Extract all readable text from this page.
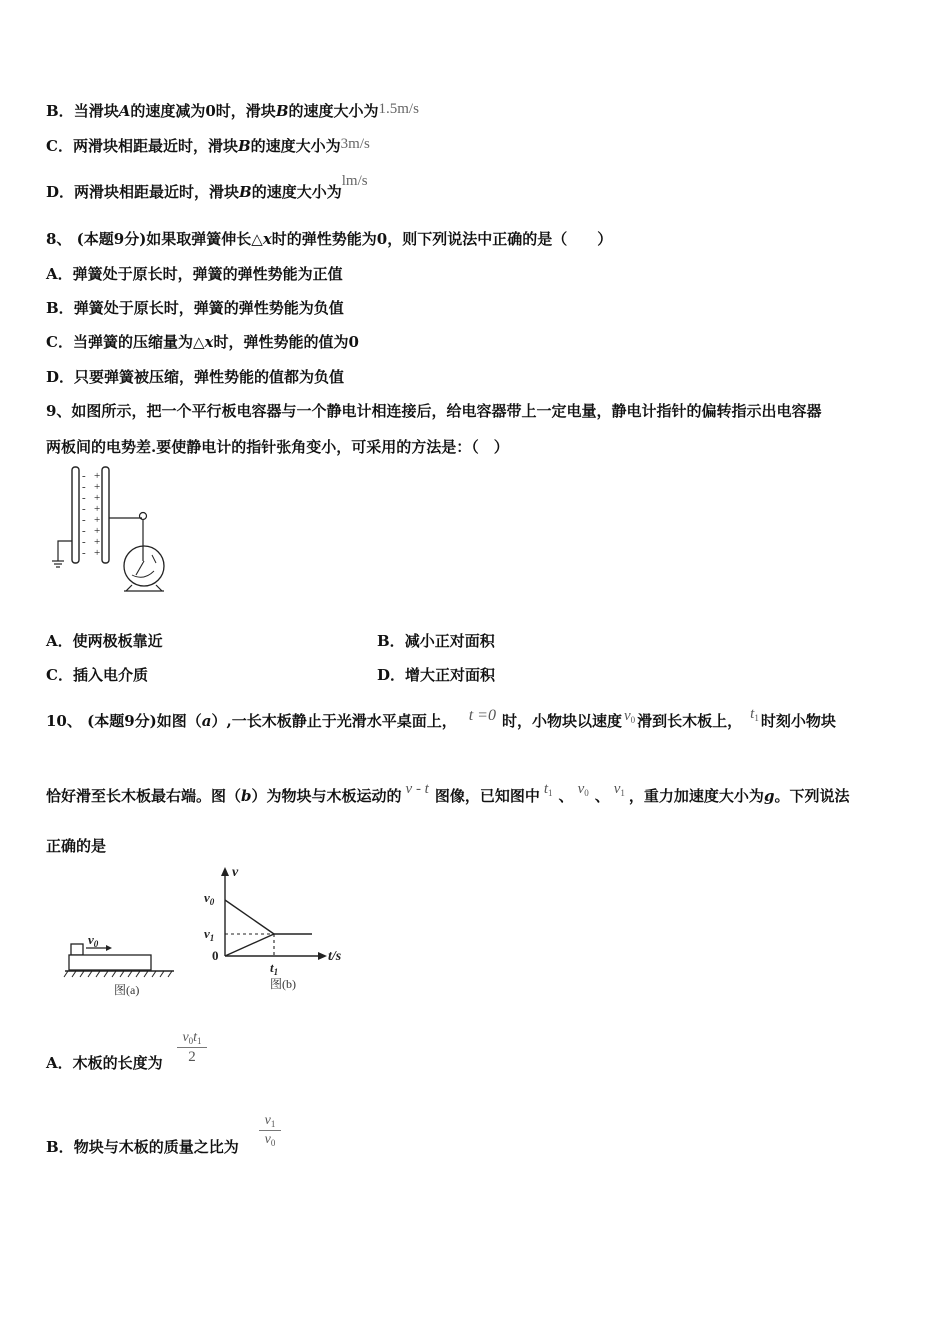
B．当滑块A的速度减为0时，滑块B的速度大小为1.5m/s
C．两滑块相距最近时，滑块B的速度大小为3m/s
D．两滑块相距最近时，滑块B的速度大小为lm/s
8、 (本题9分)如果取弹簧伸长△x时的弹性势能为0，则下列说法中正确的是（　　）
A．弹簧处于原长时，弹簧的弹性势能为正值
B．弹簧处于原长时，弹簧的弹性势能为负值
C．当弹簧的压缩量为△x时，弹性势能的值为0
D．只要弹簧被压缩，弹性势能的值都为负值
9、如图所示，把一个平行板电容器与一个静电计相连接后，给电容器带上一定电量，静电计指针的偏转指示出电容器
两板间的电势差.要使静电计的指针张角变小，可采用的方法是：（　）
-
-
-
-
-
-
-
-
+
+
+
+
+
+
+
+
A．使两极板靠近	B．减小正对面积
C．插入电介质	D．增大正对面积
10、 (本题9分)如图（a）,一长木板静止于光滑水平桌面上， t =0 时，小物块以速度 $v_0$ 滑到长木板上， $t_1$ 时刻小物块
恰好滑至长木板最右端。图（b）为物块与木板运动的 v - t 图像，已知图中 $t_1$ 、 $v_0$ 、 $v_1$ ，重力加速度大小为g。下列说法
正确的是
$v_0$
图(a)
v
t/s
$v_0$
$v_1$
0
$t_1$
图(b)
A．木板的长度为
$v_0t_1$
2
B．物块与木板的质量之比为
$v_1$
$v_0$
